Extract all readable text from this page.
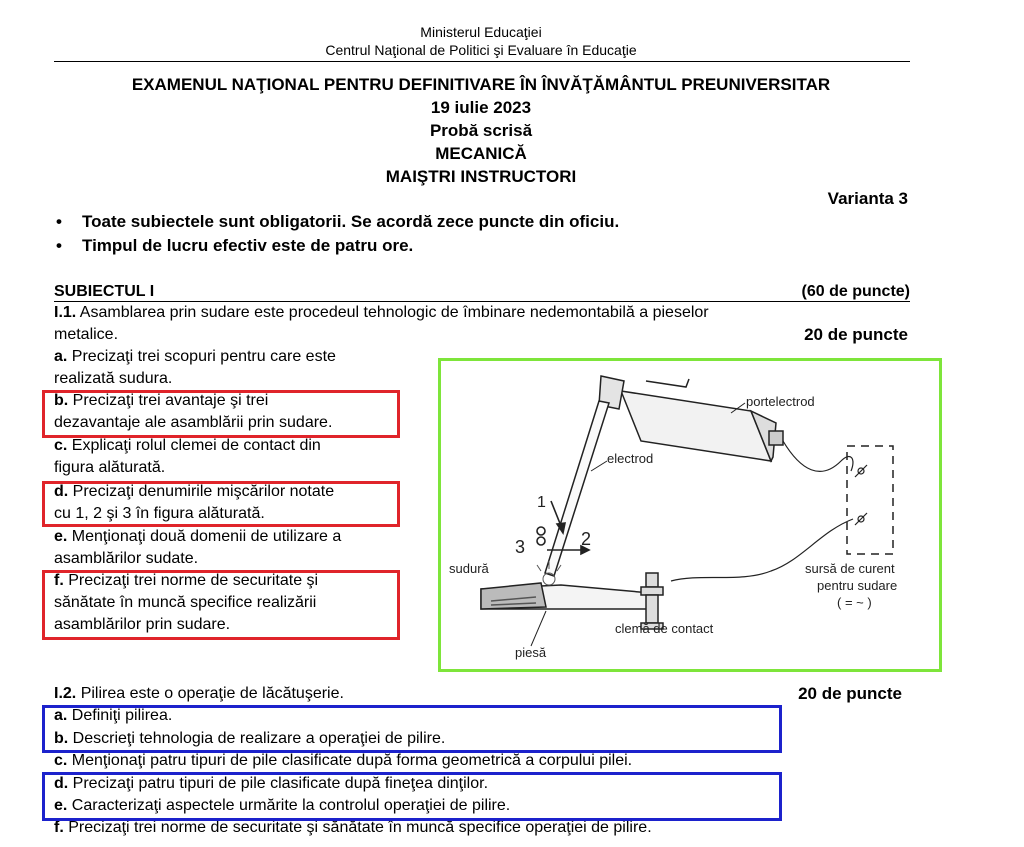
Ministerul Educaţiei
Centrul Naţional de Politici şi Evaluare în Educaţie
EXAMENUL NAŢIONAL PENTRU DEFINITIVARE ÎN ÎNVĂŢĂMÂNTUL PREUNIVERSITAR
19 iulie 2023
Probă scrisă
MECANICĂ
MAIŞTRI INSTRUCTORI
Varianta 3
• Toate subiectele sunt obligatorii. Se acordă zece puncte din oficiu.
• Timpul de lucru efectiv este de patru ore.
SUBIECTUL I	(60 de puncte)
I.1. Asamblarea prin sudare este procedeul tehnologic de îmbinare nedemontabilă a pieselor
metalice.	20 de puncte
a. Precizaţi trei scopuri pentru care este
realizată sudura.
b. Precizaţi trei avantaje şi trei
dezavantaje ale asamblării prin sudare.
c. Explicaţi rolul clemei de contact din
figura alăturată.
d. Precizaţi denumirile mişcărilor notate
cu 1, 2 şi 3 în figura alăturată.
e. Menţionaţi două domenii de utilizare a
asamblărilor sudate.
f. Precizaţi trei norme de securitate şi
sănătate în muncă specifice realizării
asamblărilor prin sudare.
portelectrod
electrod
sudură
piesă
clemă de contact
sursă de curent
pentru sudare
( = ~ )
1
2
3
I.2. Pilirea este o operaţie de lăcătuşerie.	20 de puncte
a. Definiţi pilirea.
b. Descrieţi tehnologia de realizare a operaţiei de pilire.
c. Menţionaţi patru tipuri de pile clasificate după forma geometrică a corpului pilei.
d. Precizaţi patru tipuri de pile clasificate după fineţea dinţilor.
e. Caracterizaţi aspectele urmărite la controlul operaţiei de pilire.
f. Precizaţi trei norme de securitate şi sănătate în muncă specifice operaţiei de pilire.
